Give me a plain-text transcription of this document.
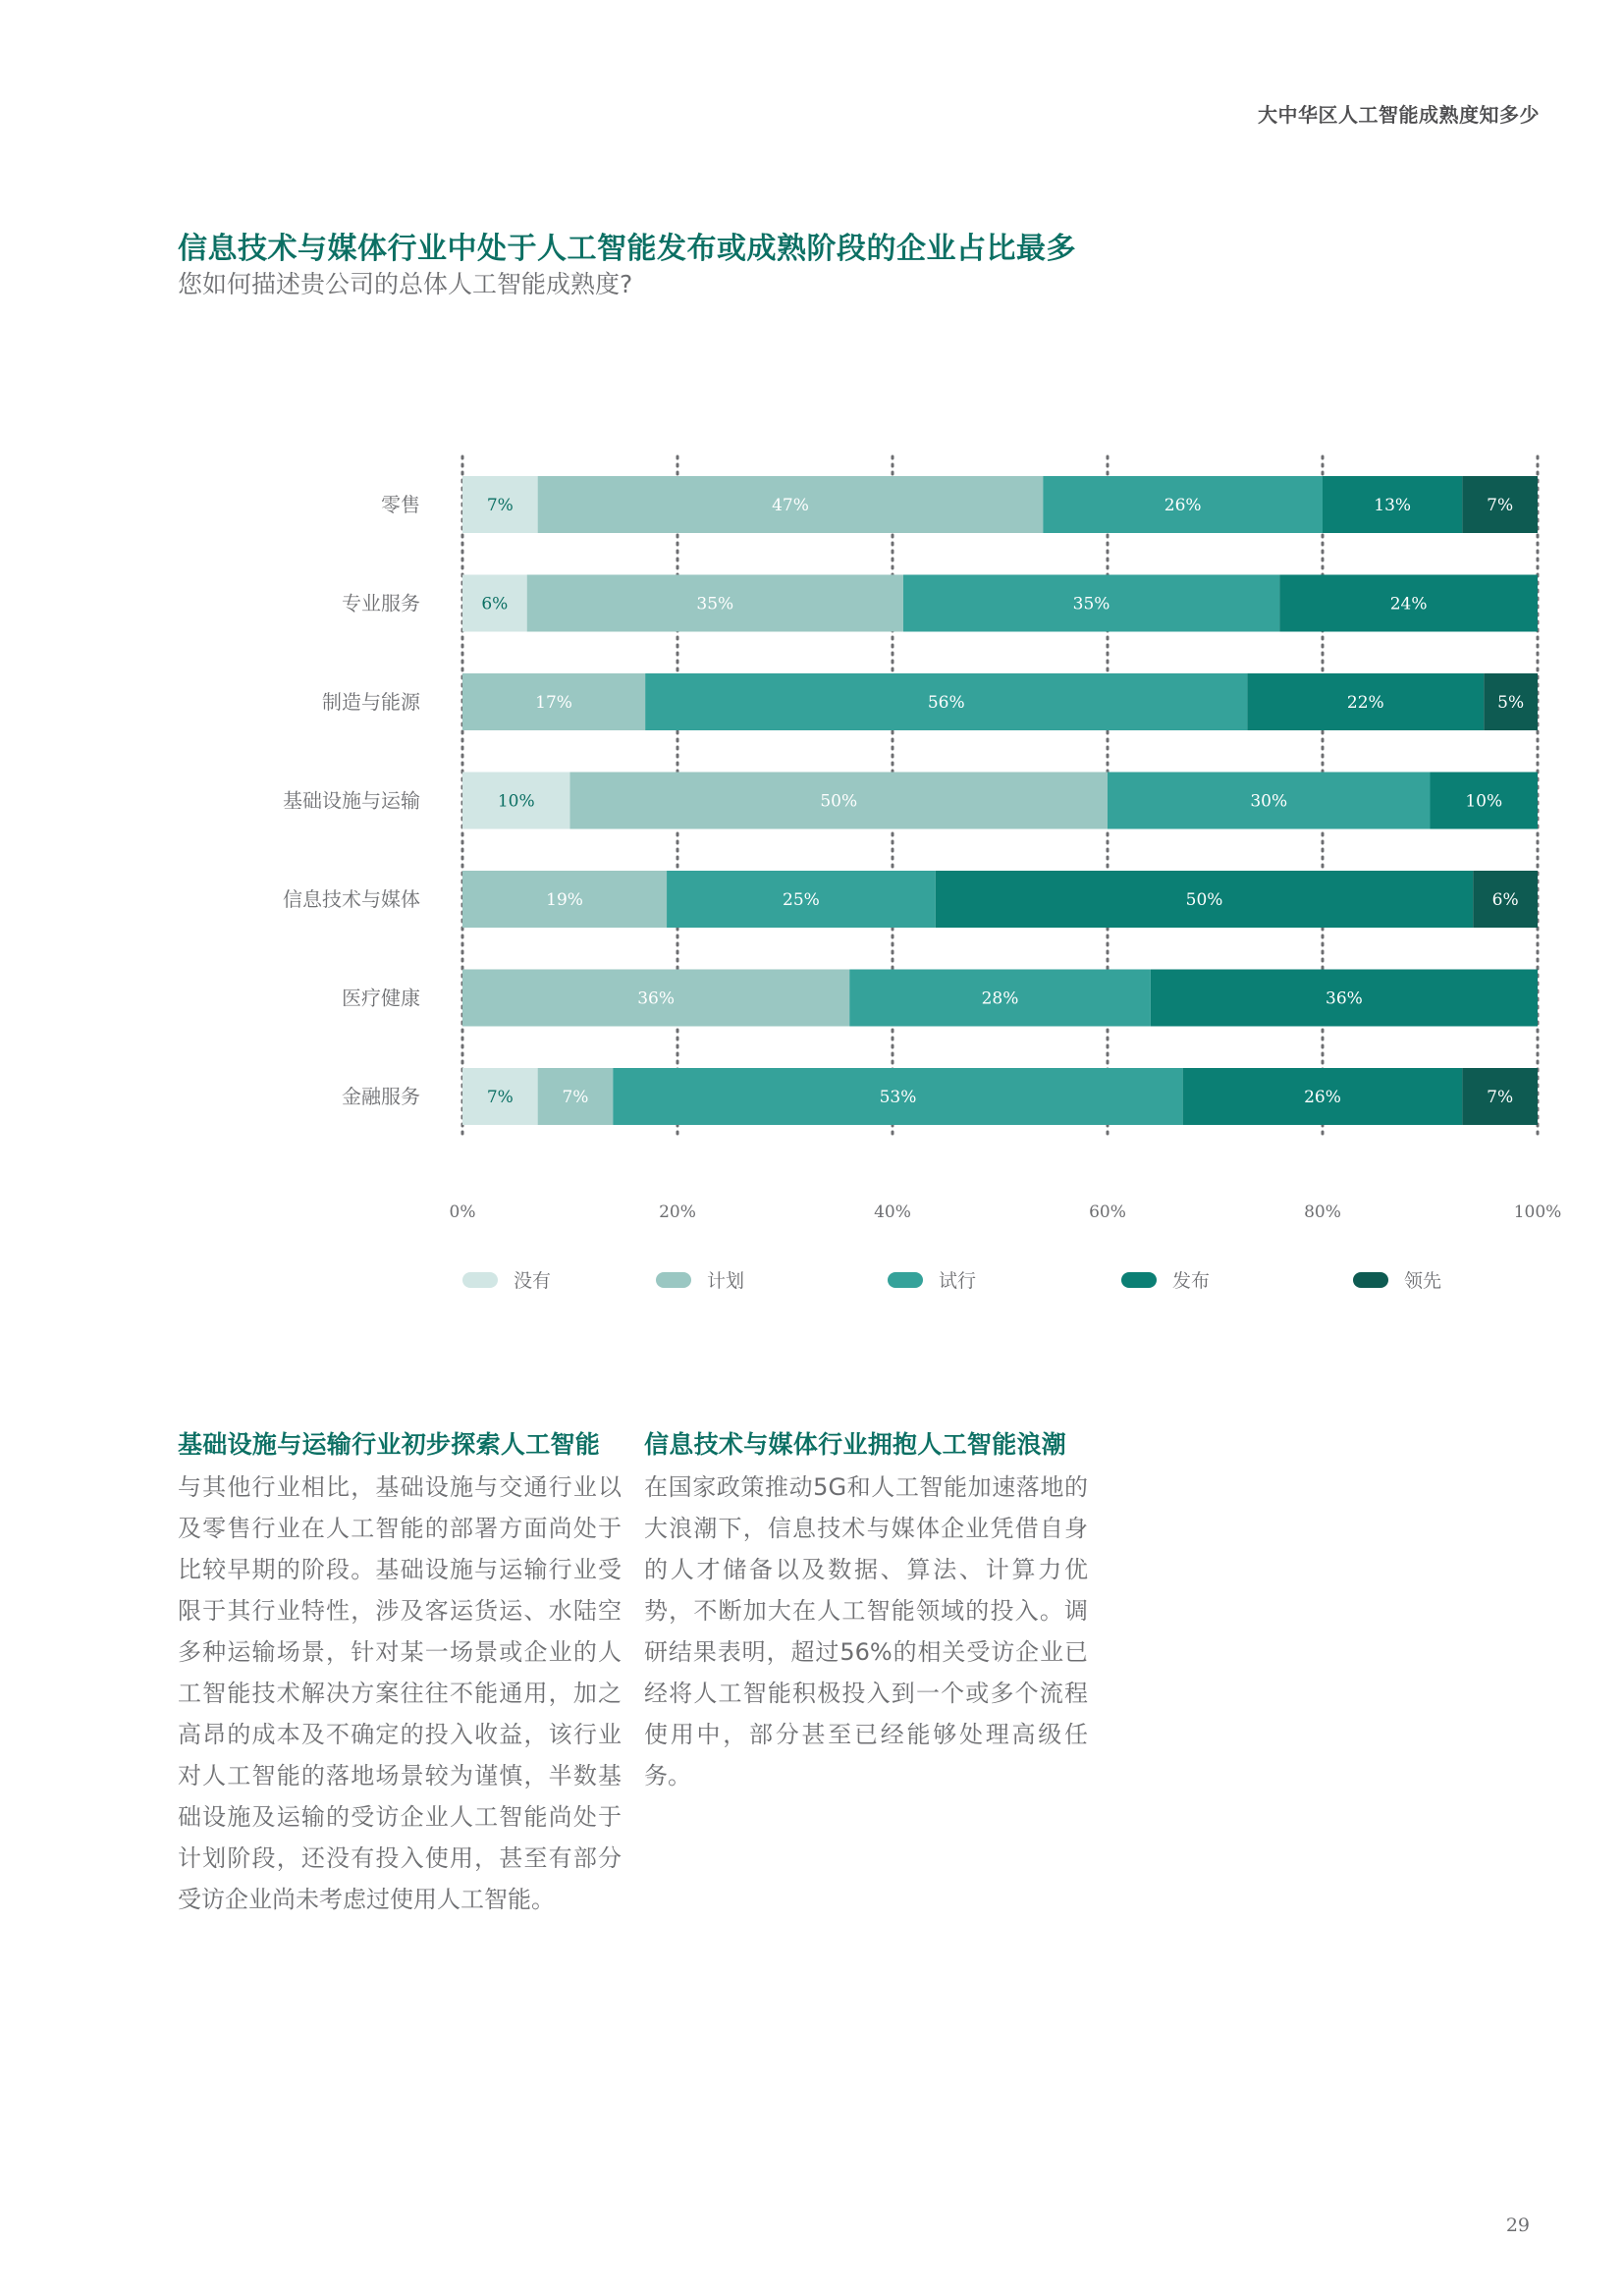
大中华区人工智能成熟度知多少
信息技术与媒体行业中处于人工智能发布或成熟阶段的企业占比最多
您如何描述贵公司的总体人工智能成熟度?
7%	47%	26%	13%	7%
6%	35%	35%	24%
17%	56%	22%	5%
10%	50%	30%	10%
19%	25%	50%	6%
36%	28%	36%
7%	7%	53%	26%	7%
零售
专业服务
制造与能源
基础设施与运输
信息技术与媒体
医疗健康
金融服务
0%	20%	40%	60%	80%	100%
没有	计划	试行	发布	领先
基础设施与运输行业初步探索人工智能

与其他行业相比，基础设施与交通行业以及零售行业在人工智能的部署方面尚处于比较早期的阶段。基础设施与运输行业受限于其行业特性，涉及客运货运、水陆空多种运输场景，针对某一场景或企业的人工智能技术解决方案往往不能通用，加之高昂的成本及不确定的投入收益，该行业对人工智能的落地场景较为谨慎，半数基础设施及运输的受访企业人工智能尚处于计划阶段，还没有投入使用，甚至有部分受访企业尚未考虑过使用人工智能。

信息技术与媒体行业拥抱人工智能浪潮

在国家政策推动5G和人工智能加速落地的大浪潮下，信息技术与媒体企业凭借自身的人才储备以及数据、算法、计算力优势，不断加大在人工智能领域的投入。调研结果表明，超过56%的相关受访企业已经将人工智能积极投入到一个或多个流程使用中，部分甚至已经能够处理高级任务。

29
